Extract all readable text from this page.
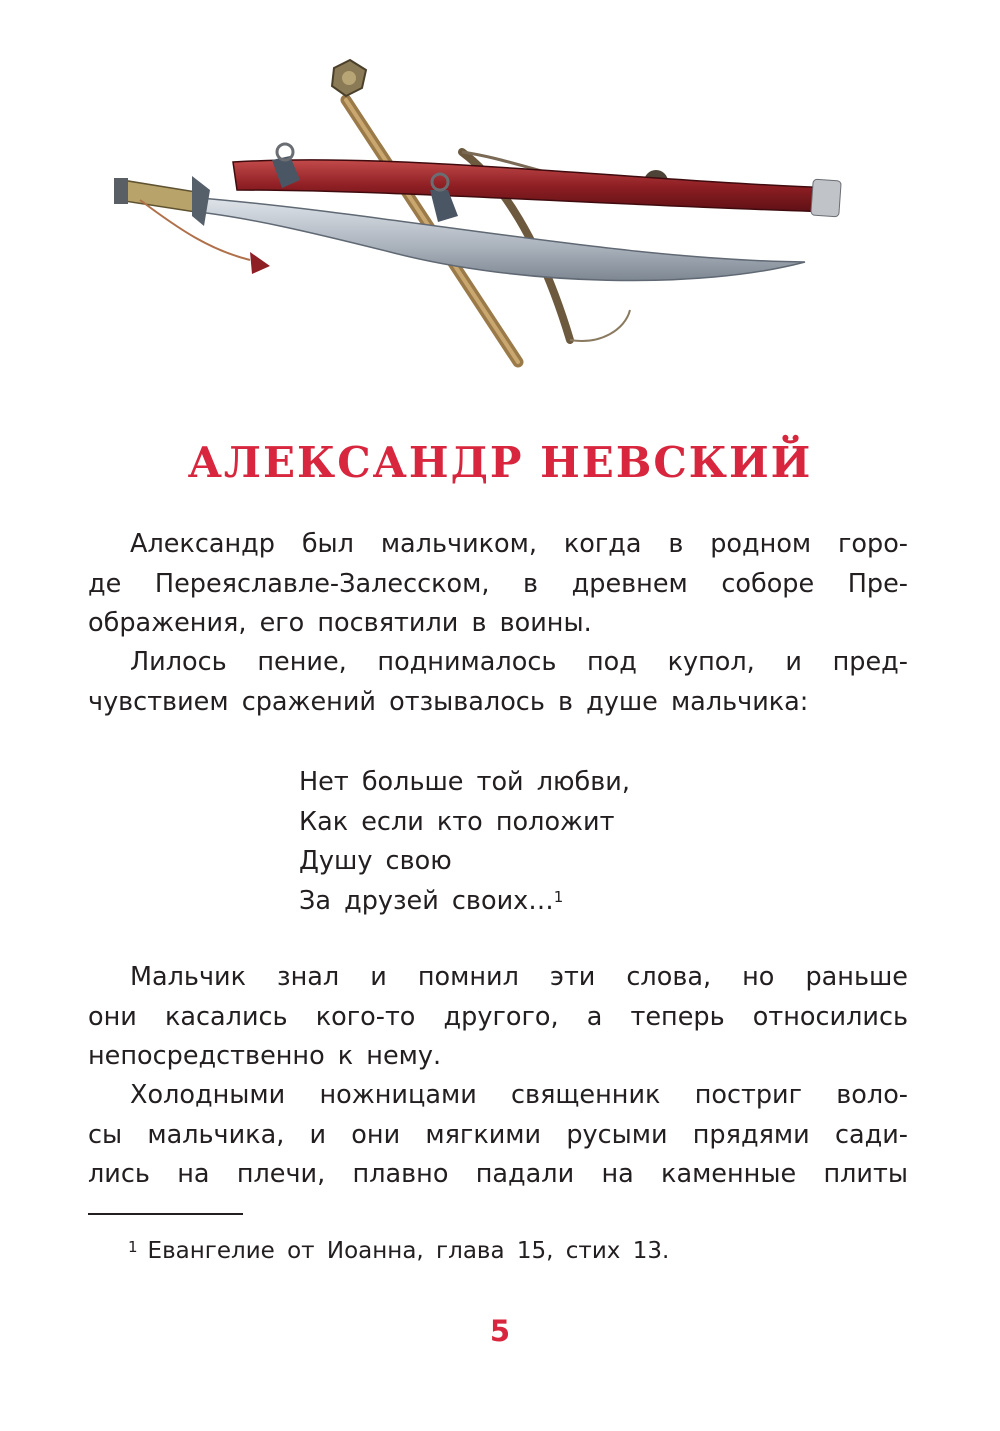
АЛЕКСАНДР НЕВСКИЙ

Александр был мальчиком, когда в родном горо-
де Переяславле-Залесском, в древнем соборе Пре-
ображения, его посвятили в воины.

Лилось пение, поднималось под купол, и пред-
чувствием сражений отзывалось в душе мальчика:

Нет больше той любви,
Как если кто положит
Душу свою
За друзей своих…$^1$

Мальчик знал и помнил эти слова, но раньше
они касались кого-то другого, а теперь относились
непосредственно к нему.

Холодными ножницами священник постриг воло-
сы мальчика, и они мягкими русыми прядями сади-
лись на плечи, плавно падали на каменные плиты

$^1$ Евангелие от Иоанна, глава 15, стих 13.

5
